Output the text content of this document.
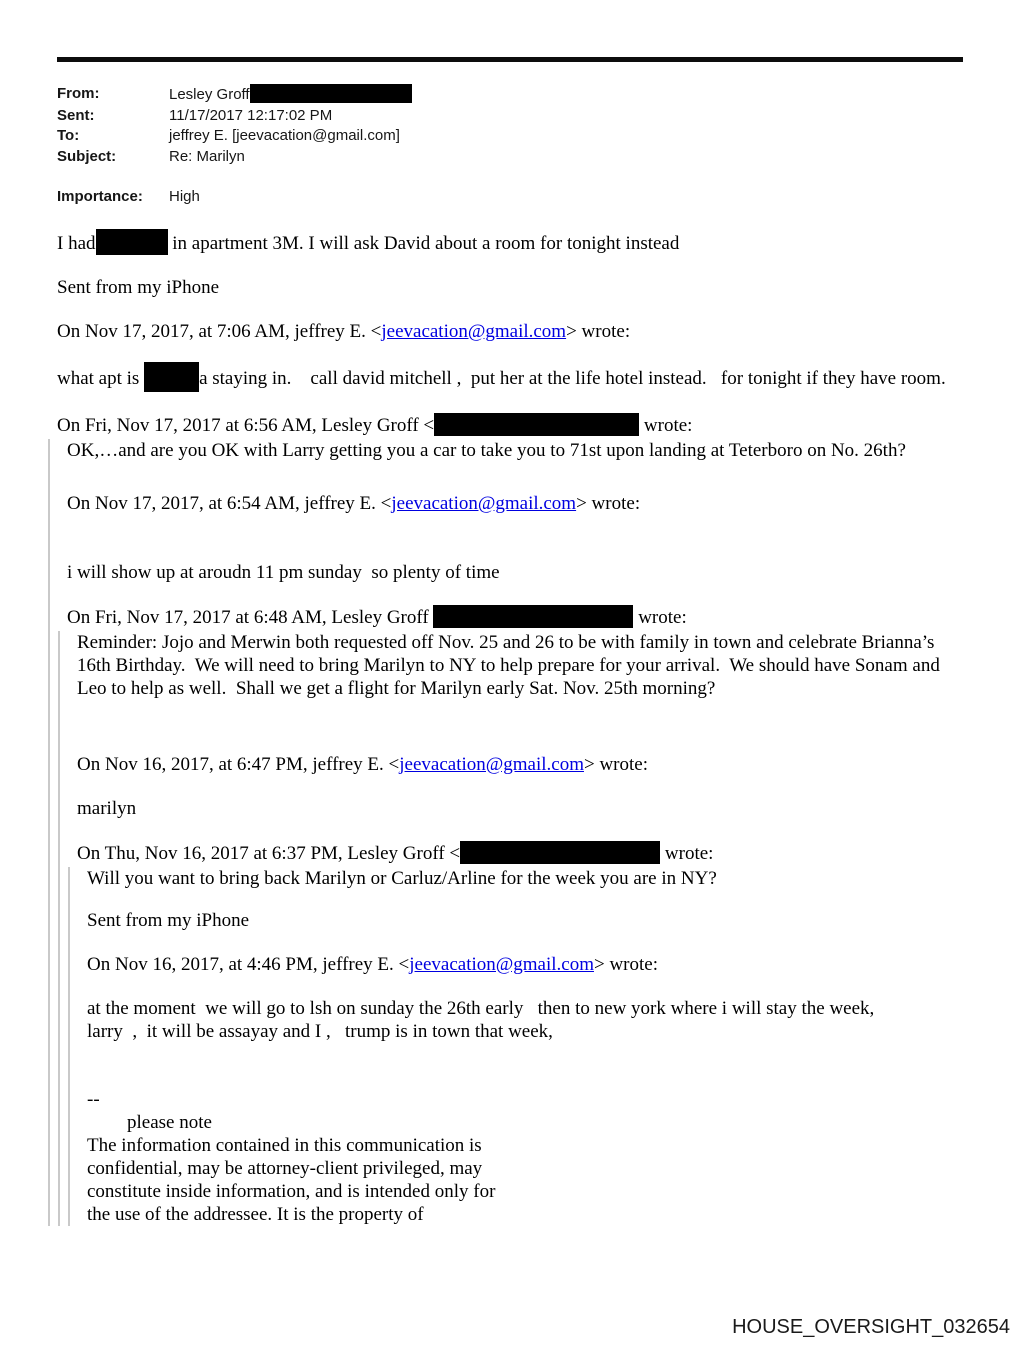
From:	Lesley Groff
Sent:	11/17/2017 12:17:02 PM
To:	jeffrey E. [jeevacation@gmail.com]
Subject:	Re: Marilyn
Importance:	High

I had	in apartment 3M. I will ask David about a room for tonight instead

Sent from my iPhone

On Nov 17, 2017, at 7:06 AM, jeffrey E. <jeevacation@gmail.com> wrote:

what apt is	a staying in.    call david mitchell ,  put her at the life hotel instead.   for tonight if they have room.

On Fri, Nov 17, 2017 at 6:56 AM, Lesley Groff <	wrote:

OK,…and are you OK with Larry getting you a car to take you to 71st upon landing at Teterboro on No. 26th?

On Nov 17, 2017, at 6:54 AM, jeffrey E. <jeevacation@gmail.com> wrote:

i will show up at aroudn 11 pm sunday  so plenty of time

On Fri, Nov 17, 2017 at 6:48 AM, Lesley Groff	wrote:

Reminder: Jojo and Merwin both requested off Nov. 25 and 26 to be with family in town and celebrate Brianna’s 16th Birthday.  We will need to bring Marilyn to NY to help prepare for your arrival.  We should have Sonam and Leo to help as well.  Shall we get a flight for Marilyn early Sat. Nov. 25th morning?

On Nov 16, 2017, at 6:47 PM, jeffrey E. <jeevacation@gmail.com> wrote:

marilyn

On Thu, Nov 16, 2017 at 6:37 PM, Lesley Groff <	wrote:

Will you want to bring back Marilyn or Carluz/Arline for the week you are in NY?

Sent from my iPhone

On Nov 16, 2017, at 4:46 PM, jeffrey E. <jeevacation@gmail.com> wrote:

at the moment  we will go to lsh on sunday the 26th early   then to new york where i will stay the week,
larry  ,  it will be assayay and I ,   trump is in town that week,

--

please note
The information contained in this communication is
confidential, may be attorney-client privileged, may
constitute inside information, and is intended only for
the use of the addressee. It is the property of

HOUSE_OVERSIGHT_032654
